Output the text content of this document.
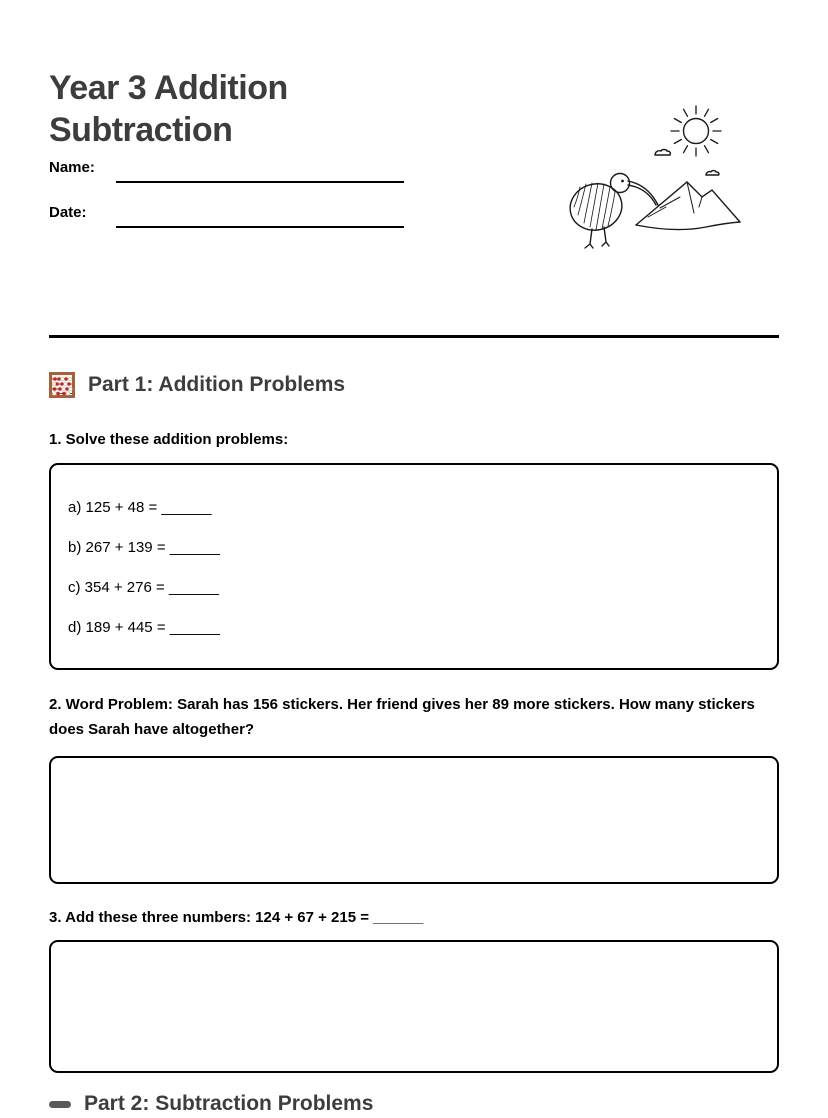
Year 3 Addition Subtraction
Name:
Date:
Part 1: Addition Problems
1. Solve these addition problems:
a) 125 + 48 = ______
b) 267 + 139 = ______
c) 354 + 276 = ______
d) 189 + 445 = ______
2. Word Problem: Sarah has 156 stickers. Her friend gives her 89 more stickers. How many stickers does Sarah have altogether?
3. Add these three numbers: 124 + 67 + 215 = ______
Part 2: Subtraction Problems
